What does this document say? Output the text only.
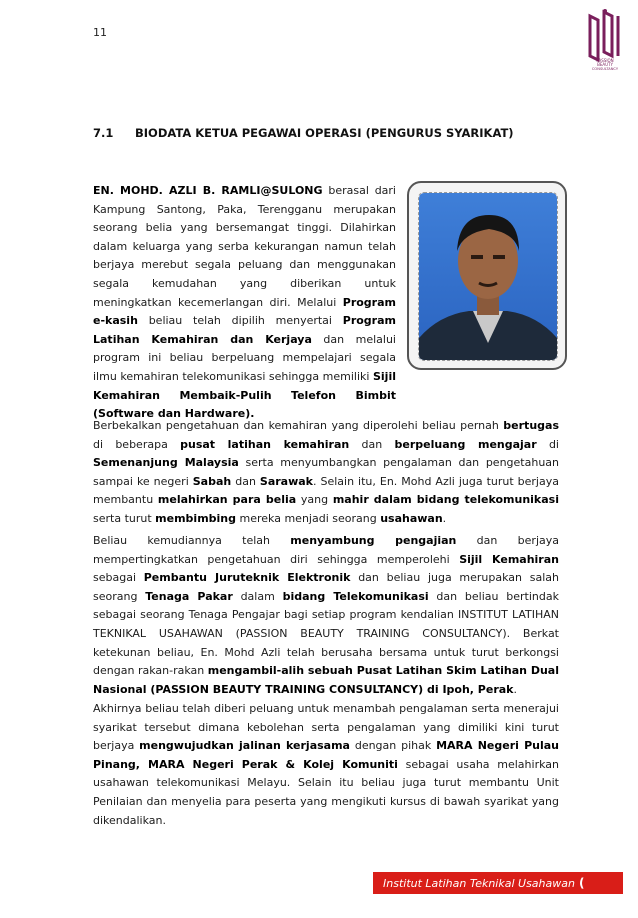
11
PASSION
BEAUTY
CONSULTANCY
7.1 BIODATA KETUA PEGAWAI OPERASI (PENGURUS SYARIKAT)
EN. MOHD. AZLI B. RAMLI@SULONG berasal dari Kampung Santong, Paka, Terengganu merupakan seorang belia yang bersemangat tinggi. Dilahirkan dalam keluarga yang serba kekurangan namun telah berjaya merebut segala peluang dan menggunakan segala kemudahan yang diberikan untuk meningkatkan kecemerlangan diri. Melalui Program e-kasih beliau telah dipilih menyertai Program Latihan Kemahiran dan Kerjaya dan melalui program ini beliau berpeluang mempelajari segala ilmu kemahiran telekomunikasi sehingga memiliki Sijil Kemahiran Membaik-Pulih Telefon Bimbit (Software dan Hardware).
Berbekalkan pengetahuan dan kemahiran yang diperolehi beliau pernah bertugas di beberapa pusat latihan kemahiran dan berpeluang mengajar di Semenanjung Malaysia serta menyumbangkan pengalaman dan pengetahuan sampai ke negeri Sabah dan Sarawak. Selain itu, En. Mohd Azli juga turut berjaya membantu melahirkan para belia yang mahir dalam bidang telekomunikasi serta turut membimbing mereka menjadi seorang usahawan.
Beliau kemudiannya telah menyambung pengajian dan berjaya mempertingkatkan pengetahuan diri sehingga memperolehi Sijil Kemahiran sebagai Pembantu Juruteknik Elektronik dan beliau juga merupakan salah seorang Tenaga Pakar dalam bidang Telekomunikasi dan beliau bertindak sebagai seorang Tenaga Pengajar bagi setiap program kendalian INSTITUT LATIHAN TEKNIKAL USAHAWAN (PASSION BEAUTY TRAINING CONSULTANCY). Berkat ketekunan beliau, En. Mohd Azli telah berusaha bersama untuk turut berkongsi dengan rakan-rakan mengambil-alih sebuah Pusat Latihan Skim Latihan Dual Nasional (PASSION BEAUTY TRAINING CONSULTANCY) di Ipoh, Perak.
Akhirnya beliau telah diberi peluang untuk menambah pengalaman serta menerajui syarikat tersebut dimana kebolehan serta pengalaman yang dimiliki kini turut berjaya mengwujudkan jalinan kerjasama dengan pihak MARA Negeri Pulau Pinang, MARA Negeri Perak & Kolej Komuniti sebagai usaha melahirkan usahawan telekomunikasi Melayu. Selain itu beliau juga turut membantu Unit Penilaian dan menyelia para peserta yang mengikuti kursus di bawah syarikat yang dikendalikan.
Institut Latihan Teknikal Usahawan ( PBTC )
